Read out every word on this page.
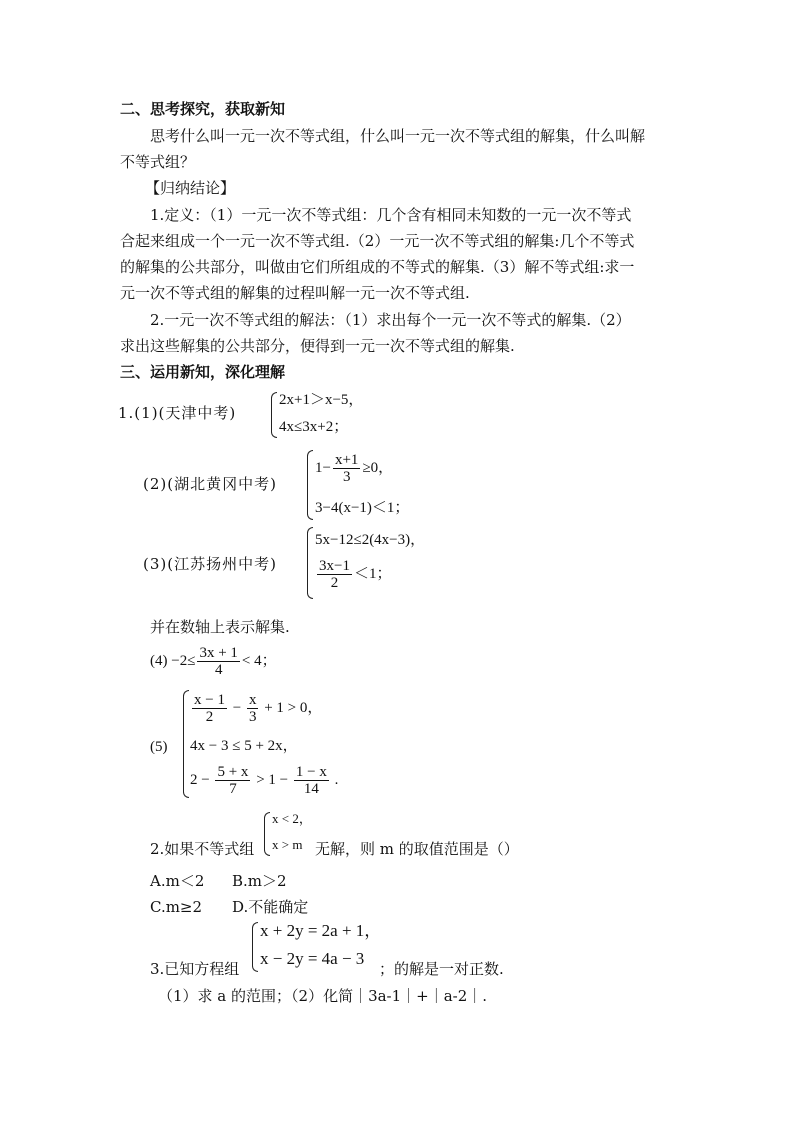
二、思考探究，获取新知
思考什么叫一元一次不等式组，什么叫一元一次不等式组的解集，什么叫解
不等式组？
【归纳结论】
1.定义：（1）一元一次不等式组：几个含有相同未知数的一元一次不等式
合起来组成一个一元一次不等式组.（2）一元一次不等式组的解集:几个不等式
的解集的公共部分，叫做由它们所组成的不等式的解集.（3）解不等式组:求一
元一次不等式组的解集的过程叫解一元一次不等式组.
2.一元一次不等式组的解法：（1）求出每个一元一次不等式的解集.（2）
求出这些解集的公共部分，便得到一元一次不等式组的解集.
三、运用新知，深化理解
1.(1)(天津中考)
2x+1＞x−5，
4x≤3x+2；
(2)(湖北黄冈中考)
$1- \frac{x+1}{3} \ge 0$，
3−4(x−1)＜1；
(3)(江苏扬州中考)
5x−12≤2(4x−3)，
$\frac{3x-1}{2} <1$；
并在数轴上表示解集.
$(4) -2\le \frac{3x + 1}{4} < 4$；
(5)
$\frac{x - 1}{2} - \frac{x}{3} + 1 > 0$，
4x − 3 ≤ 5 + 2x，
$2 - \frac{5 + x}{7} > 1 - \frac{1 - x}{14}$ .
2.如果不等式组
x < 2，
x > m 无解，则 m 的取值范围是（）
A.m＜2 B.m＞2
C.m≥2 D.不能确定
3.已知方程组
x + 2y = 2a + 1，
x − 2y = 4a − 3
；的解是一对正数.
（1）求 a 的范围；（2）化简｜3a-1｜+｜a-2｜.
